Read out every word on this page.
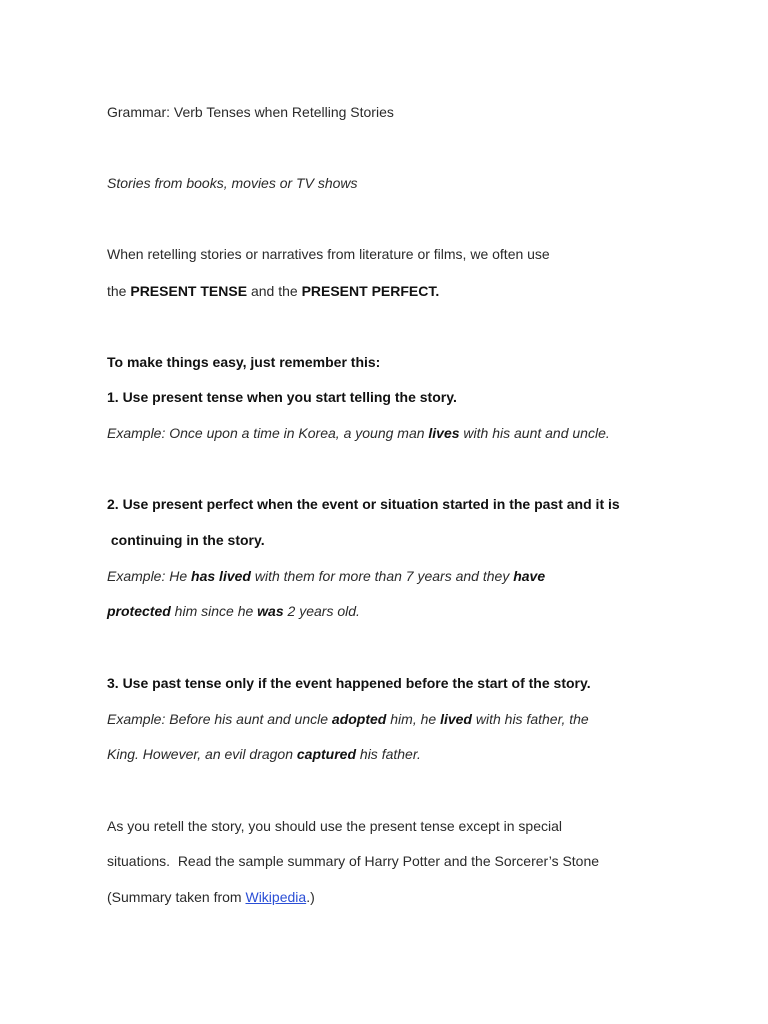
Grammar: Verb Tenses when Retelling Stories
Stories from books, movies or TV shows
When retelling stories or narratives from literature or films, we often use
the PRESENT TENSE and the PRESENT PERFECT.
To make things easy, just remember this:
1. Use present tense when you start telling the story.
Example: Once upon a time in Korea, a young man lives with his aunt and uncle.
2. Use present perfect when the event or situation started in the past and it is
continuing in the story.
Example: He has lived with them for more than 7 years and they have
protected him since he was 2 years old.
3. Use past tense only if the event happened before the start of the story.
Example: Before his aunt and uncle adopted him, he lived with his father, the
King. However, an evil dragon captured his father.
As you retell the story, you should use the present tense except in special
situations.  Read the sample summary of Harry Potter and the Sorcerer’s Stone
(Summary taken from Wikipedia.)
